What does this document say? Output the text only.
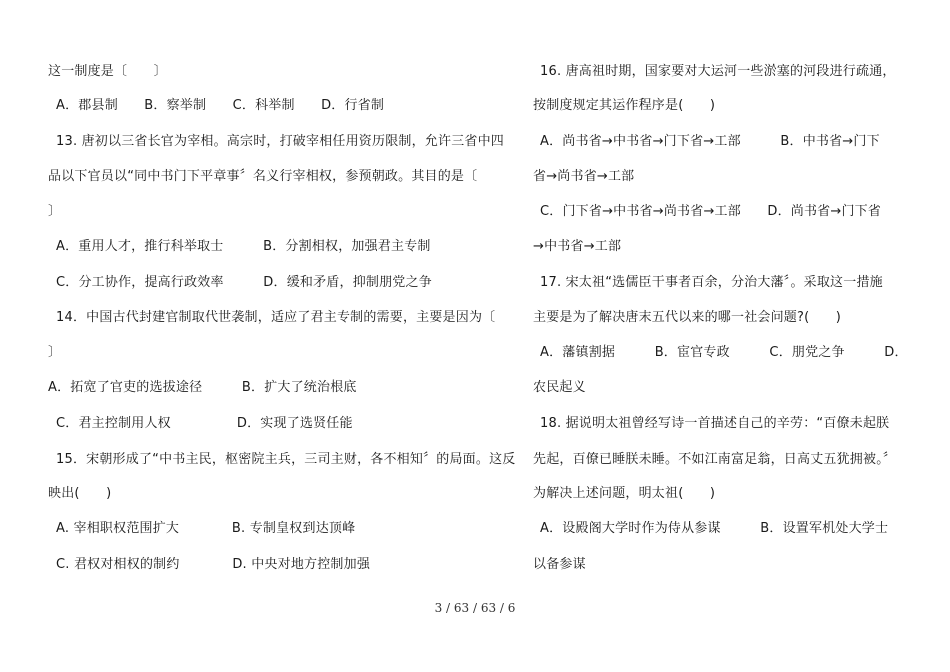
这一制度是〔　　〕
A．郡县制　　B．察举制　　C．科举制　　D．行省制
13. 唐初以三省长官为宰相。高宗时，打破宰相任用资历限制，允许三省中四
品以下官员以“同中书门下平章事〞名义行宰相权，参预朝政。其目的是〔
〕
A．重用人才，推行科举取士　　　B．分割相权，加强君主专制
C．分工协作，提高行政效率　　　D．缓和矛盾，抑制朋党之争
14．中国古代封建官制取代世袭制，适应了君主专制的需要，主要是因为〔
〕
A．拓宽了官吏的选拔途径　　　B．扩大了统治根底
C．君主控制用人权　　　　　D．实现了选贤任能
15．宋朝形成了“中书主民，枢密院主兵，三司主财，各不相知〞的局面。这反
映出(　　)
A. 宰相职权范围扩大　　　　B. 专制皇权到达顶峰
C. 君权对相权的制约　　　　D. 中央对地方控制加强
16. 唐高祖时期，国家要对大运河一些淤塞的河段进行疏通，
按制度规定其运作程序是(　　)
A．尚书省→中书省→门下省→工部　　　B．中书省→门下
省→尚书省→工部
C．门下省→中书省→尚书省→工部　　D．尚书省→门下省
→中书省→工部
17. 宋太祖“选儒臣干事者百余，分治大藩〞。采取这一措施
主要是为了解决唐末五代以来的哪一社会问题?(　　)
A．藩镇割据　　　B．宦官专政　　　C．朋党之争　　　D．
农民起义
18. 据说明太祖曾经写诗一首描述自己的辛劳：“百僚未起朕
先起，百僚已睡朕未睡。不如江南富足翁，日高丈五犹拥被。〞
为解决上述问题，明太祖(　　)
A．设殿阁大学时作为侍从参谋　　　B．设置军机处大学士
以备参谋
3 / 63 / 63 / 6
